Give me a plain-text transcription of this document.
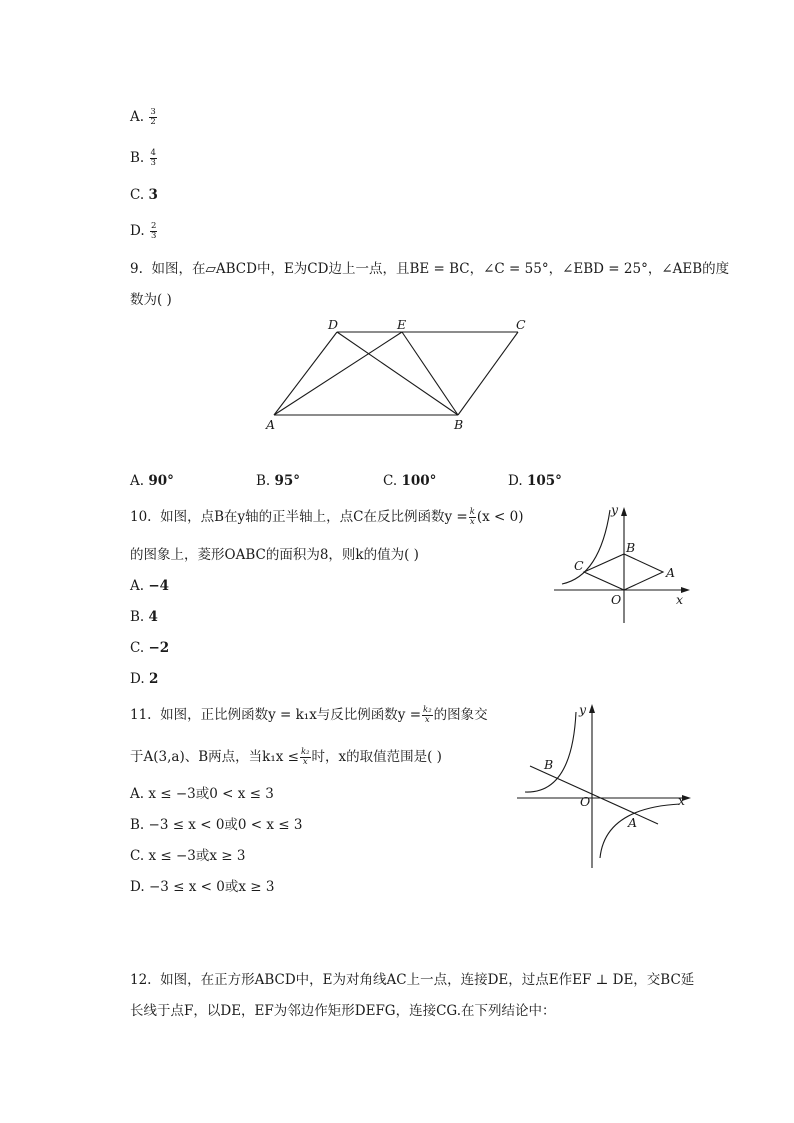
A. $\frac{3}{2}$
B. $\frac{4}{3}$
C. 3
D. $\frac{2}{3}$
9. 如图，在▱ABCD中，E为CD边上一点，且BE = BC，∠C = 55°，∠EBD = 25°，∠AEB的度
数为( )
D	E	C
A	B
A. 90°	B. 95°	C. 100°	D. 105°
10. 如图，点B在y轴的正半轴上，点C在反比例函数$y = \frac{k}{x} (x < 0)$
的图象上，菱形OABC的面积为8，则k的值为( )
A. −4
B. 4
C. −2
D. 2
y
x
B
C	A
O
11. 如图，正比例函数y = k₁x与反比例函数$y = \frac{\text{k₂}}{x}$ 的图象交
于A(3,a)、B两点，当$k_1x \le \frac{\text{k₂}}{x}$ 时，x的取值范围是( )
A. x ≤ −3或0 < x ≤ 3
B. −3 ≤ x < 0或0 < x ≤ 3
C. x ≤ −3或x ≥ 3
D. −3 ≤ x < 0或x ≥ 3
y
x
B
A
O
12. 如图，在正方形ABCD中，E为对角线AC上一点，连接DE，过点E作EF ⊥ DE，交BC延
长线于点F，以DE，EF为邻边作矩形DEFG，连接CG.在下列结论中：
